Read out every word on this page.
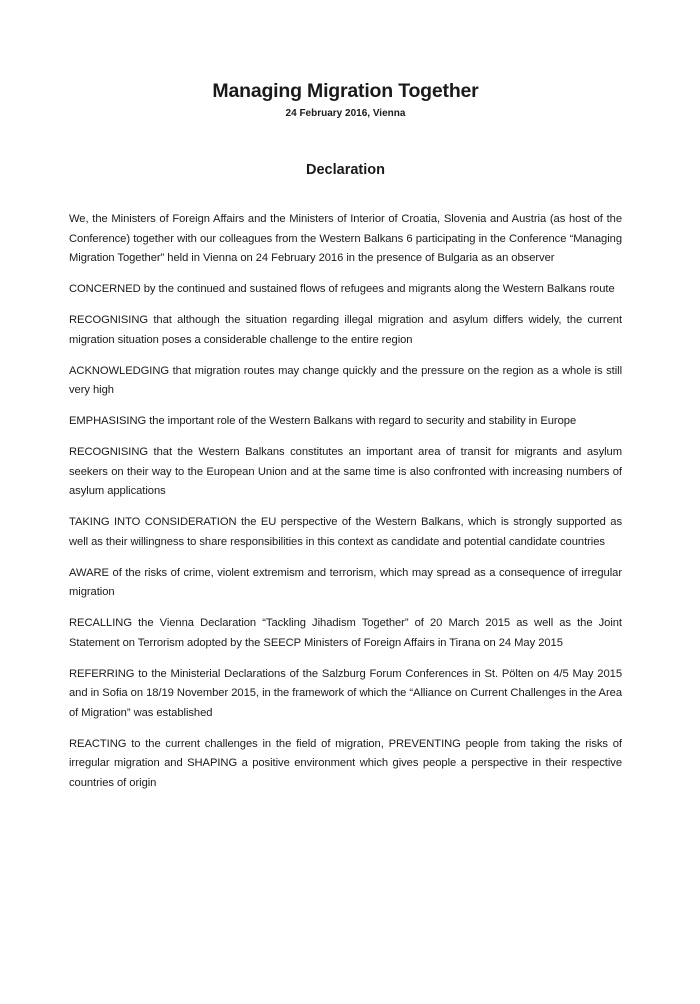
Managing Migration Together

24 February 2016, Vienna

Declaration

We, the Ministers of Foreign Affairs and the Ministers of Interior of Croatia, Slovenia and Austria (as host of the Conference) together with our colleagues from the Western Balkans 6 participating in the Conference “Managing Migration Together” held in Vienna on 24 February 2016 in the presence of Bulgaria as an observer

CONCERNED by the continued and sustained flows of refugees and migrants along the Western Balkans route

RECOGNISING that although the situation regarding illegal migration and asylum differs widely, the current migration situation poses a considerable challenge to the entire region

ACKNOWLEDGING that migration routes may change quickly and the pressure on the region as a whole is still very high

EMPHASISING the important role of the Western Balkans with regard to security and stability in Europe

RECOGNISING that the Western Balkans constitutes an important area of transit for migrants and asylum seekers on their way to the European Union and at the same time is also confronted with increasing numbers of asylum applications

TAKING INTO CONSIDERATION the EU perspective of the Western Balkans, which is strongly supported as well as their willingness to share responsibilities in this context as candidate and potential candidate countries

AWARE of the risks of crime, violent extremism and terrorism, which may spread as a consequence of irregular migration

RECALLING the Vienna Declaration “Tackling Jihadism Together” of 20 March 2015 as well as the Joint Statement on Terrorism adopted by the SEECP Ministers of Foreign Affairs in Tirana on 24 May 2015

REFERRING to the Ministerial Declarations of the Salzburg Forum Conferences in St. Pölten on 4/5 May 2015 and in Sofia on 18/19 November 2015, in the framework of which the “Alliance on Current Challenges in the Area of Migration” was established

REACTING to the current challenges in the field of migration, PREVENTING people from taking the risks of irregular migration and SHAPING a positive environment which gives people a perspective in their respective countries of origin
